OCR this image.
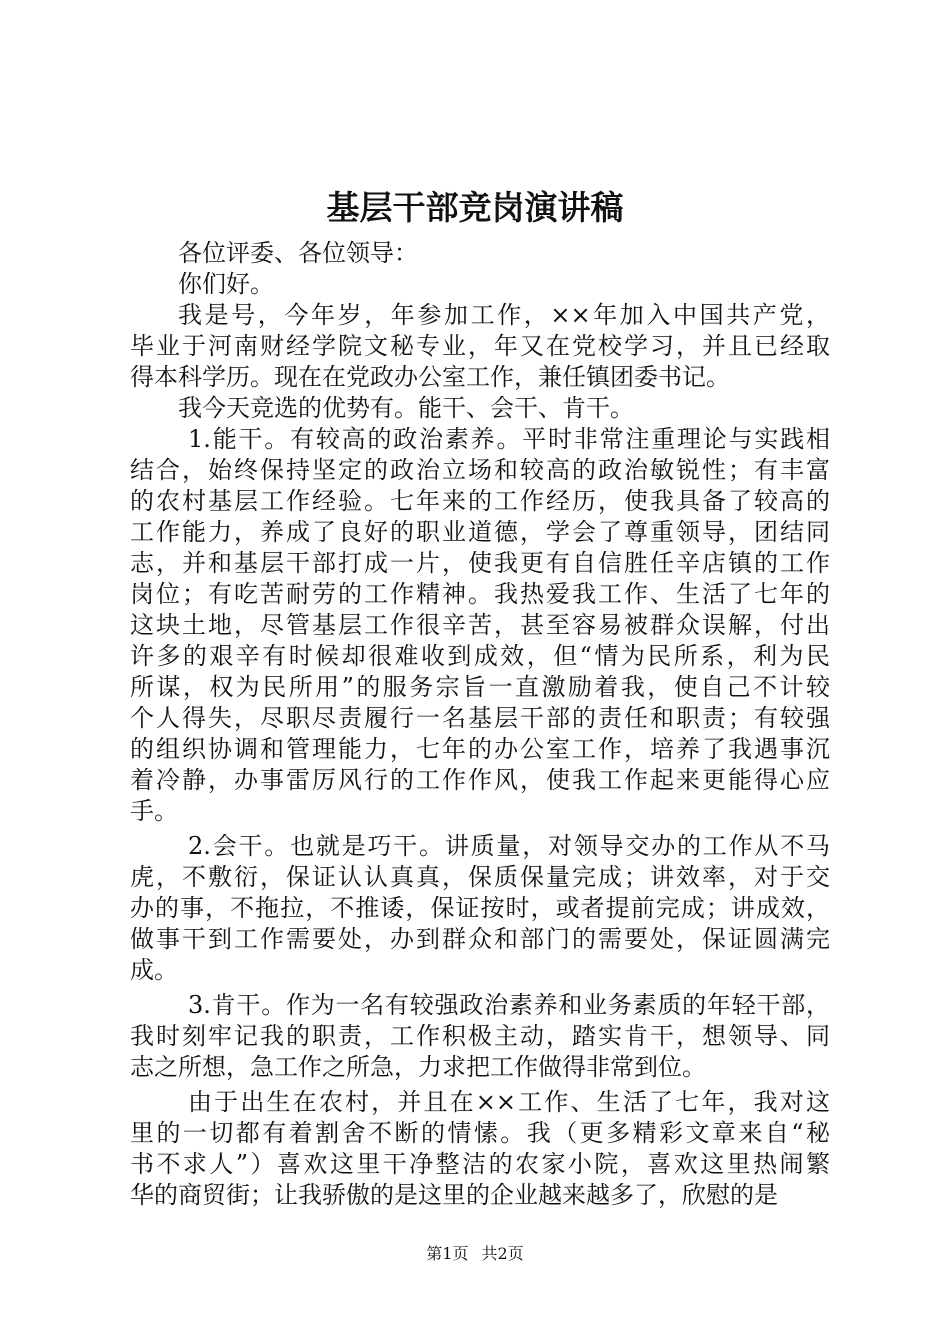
基层干部竞岗演讲稿
各位评委、各位领导：
你们好。
我是号，今年岁，年参加工作，××年加入中国共产党，
毕业于河南财经学院文秘专业，年又在党校学习，并且已经取
得本科学历。现在在党政办公室工作，兼任镇团委书记。
我今天竞选的优势有。能干、会干、肯干。
1.能干。有较高的政治素养。平时非常注重理论与实践相
结合，始终保持坚定的政治立场和较高的政治敏锐性；有丰富
的农村基层工作经验。七年来的工作经历，使我具备了较高的
工作能力，养成了良好的职业道德，学会了尊重领导，团结同
志，并和基层干部打成一片，使我更有自信胜任辛店镇的工作
岗位；有吃苦耐劳的工作精神。我热爱我工作、生活了七年的
这块土地，尽管基层工作很辛苦，甚至容易被群众误解，付出
许多的艰辛有时候却很难收到成效，但“情为民所系，利为民
所谋，权为民所用”的服务宗旨一直激励着我，使自己不计较
个人得失，尽职尽责履行一名基层干部的责任和职责；有较强
的组织协调和管理能力，七年的办公室工作，培养了我遇事沉
着冷静，办事雷厉风行的工作作风，使我工作起来更能得心应
手。
2.会干。也就是巧干。讲质量，对领导交办的工作从不马
虎，不敷衍，保证认认真真，保质保量完成；讲效率，对于交
办的事，不拖拉，不推诿，保证按时，或者提前完成；讲成效，
做事干到工作需要处，办到群众和部门的需要处，保证圆满完
成。
3.肯干。作为一名有较强政治素养和业务素质的年轻干部，
我时刻牢记我的职责，工作积极主动，踏实肯干，想领导、同
志之所想，急工作之所急，力求把工作做得非常到位。
由于出生在农村，并且在××工作、生活了七年，我对这
里的一切都有着割舍不断的情愫。我（更多精彩文章来自“秘
书不求人”）喜欢这里干净整洁的农家小院，喜欢这里热闹繁
华的商贸街；让我骄傲的是这里的企业越来越多了，欣慰的是
第1页 共2页
